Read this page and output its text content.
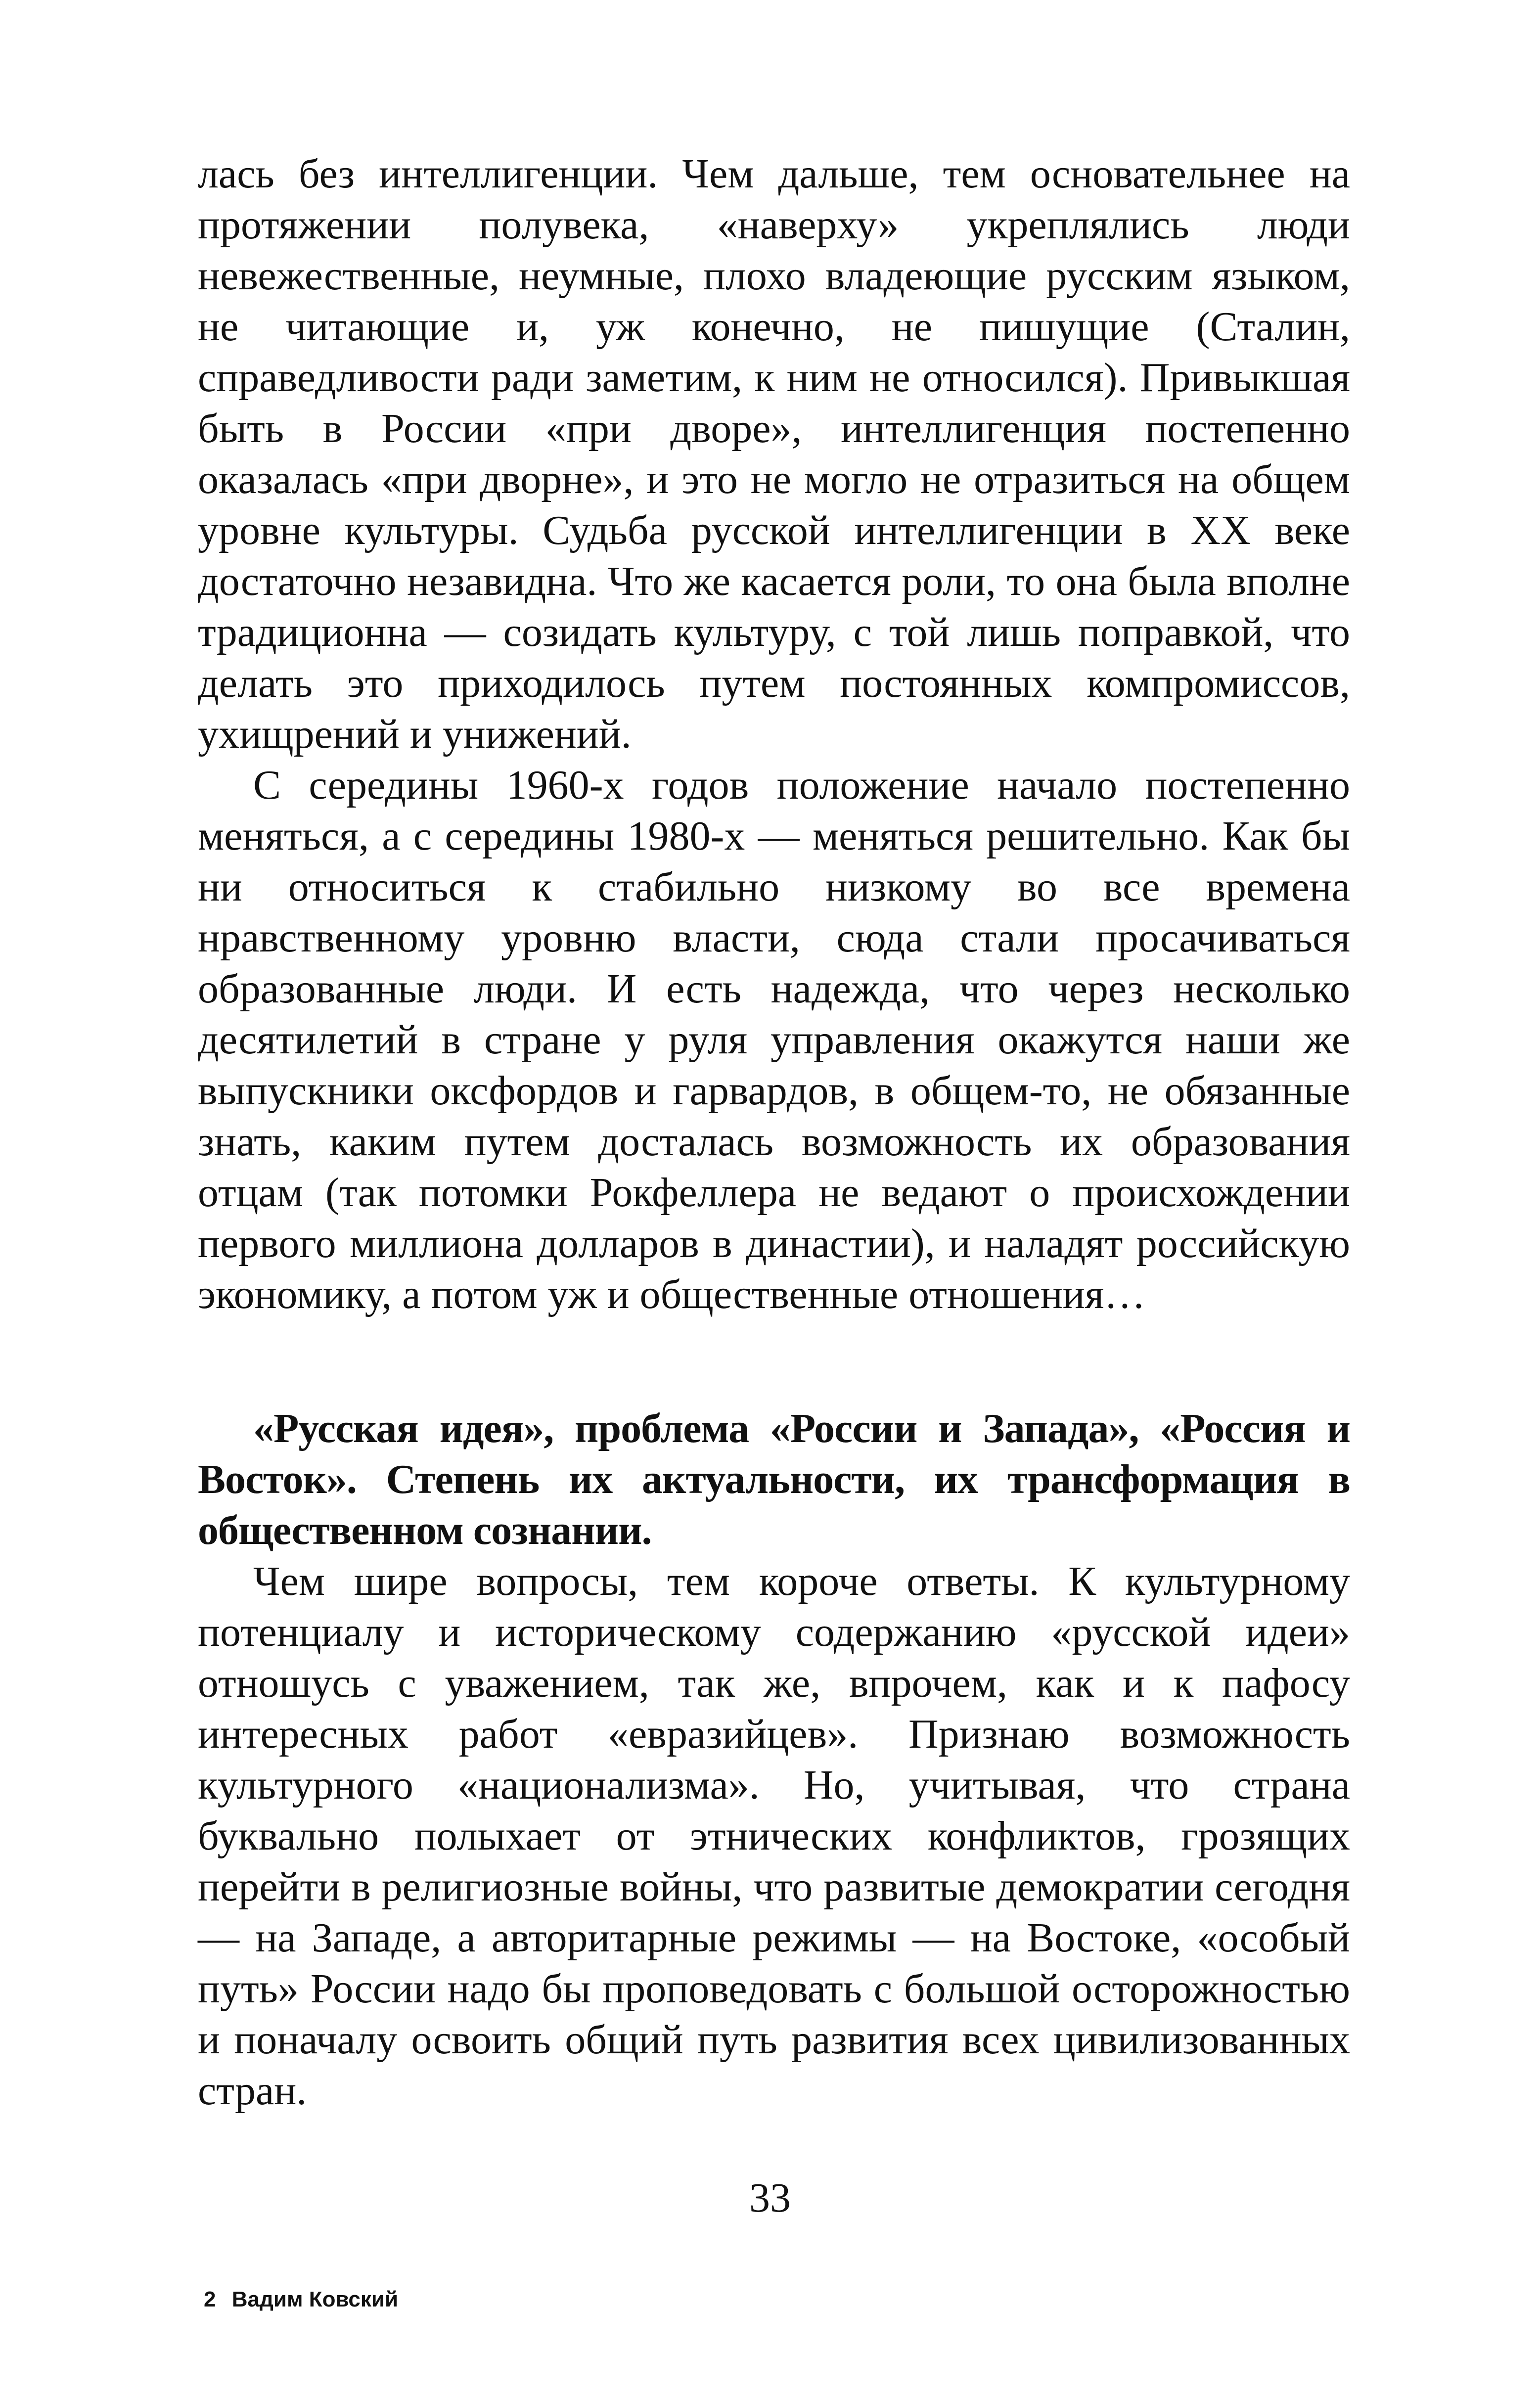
лась без интеллигенции. Чем дальше, тем основательнее на протяжении полувека, «наверху» укреплялись люди невежественные, неумные, плохо владеющие русским языком, не читающие и, уж конечно, не пишущие (Сталин, справедливости ради заметим, к ним не относился). Привыкшая быть в России «при дворе», интеллигенция постепенно оказалась «при дворне», и это не могло не отразиться на общем уровне культуры. Судьба русской интеллигенции в XX веке достаточно незавидна. Что же касается роли, то она была вполне традиционна — созидать культуру, с той лишь поправкой, что делать это приходилось путем постоянных компромиссов, ухищрений и унижений.

С середины 1960-х годов положение начало постепенно меняться, а с середины 1980-х — меняться решительно. Как бы ни относиться к стабильно низкому во все времена нравственному уровню власти, сюда стали просачиваться образованные люди. И есть надежда, что через несколько десятилетий в стране у руля управления окажутся наши же выпускники оксфордов и гарвардов, в общем-то, не обязанные знать, каким путем досталась возможность их образования отцам (так потомки Рокфеллера не ведают о происхождении первого миллиона долларов в династии), и наладят российскую экономику, а потом уж и общественные отношения…

«Русская идея», проблема «России и Запада», «Россия и Восток». Степень их актуальности, их трансформация в общественном сознании.

Чем шире вопросы, тем короче ответы. К культурному потенциалу и историческому содержанию «русской идеи» отношусь с уважением, так же, впрочем, как и к пафосу интересных работ «евразийцев». Признаю возможность культурного «национализма». Но, учитывая, что страна буквально полыхает от этнических конфликтов, грозящих перейти в религиозные войны, что развитые демократии сегодня — на Западе, а авторитарные режимы — на Востоке, «особый путь» России надо бы проповедовать с большой осторожностью и поначалу освоить общий путь развития всех цивилизованных стран.

33
2 Вадим Ковский
